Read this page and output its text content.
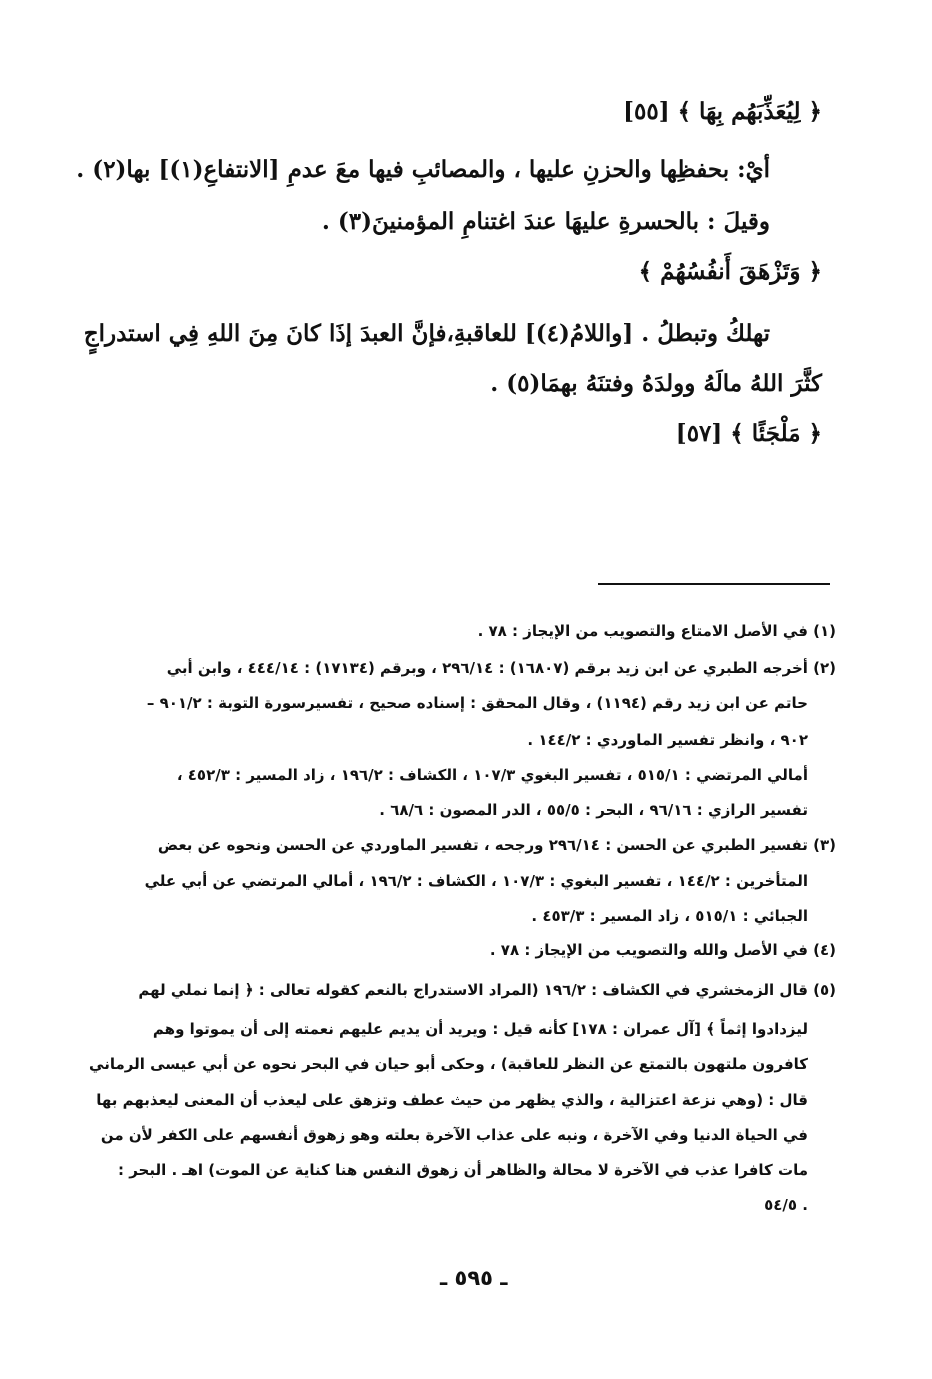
﴿ لِيُعَذِّبَهُم بِهَا ﴾ [٥٥]
أيْ: بحفظِها والحزنِ عليها ، والمصائبِ فيها معَ عدمِ [الانتفاعِ(١)] بها(٢) .
وقيلَ : بالحسرةِ عليهَا عندَ اغتنامِ المؤمنينَ(٣) .
﴿ وَتَزْهَقَ أَنفُسُهُمْ ﴾
تهلكُ وتبطلُ . [واللامُ(٤)] للعاقبةِ،فإنَّ العبدَ إذَا كانَ مِنَ اللهِ فِي استدراجٍ
كثَّرَ اللهُ مالَهُ وولدَهُ وفتنَهُ بهمَا(٥) .
﴿ مَلْجَئًا ﴾ [٥٧]
(١) في الأصل الامتاع والتصويب من الإيجاز : ٧٨ .
(٢) أخرجه الطبري عن ابن زيد برقم (١٦٨٠٧) : ٢٩٦/١٤ ، وبرقم (١٧١٣٤) : ٤٤٤/١٤ ، وابن أبي
حاتم عن ابن زيد رقم (١١٩٤) ، وقال المحقق : إسناده صحيح ، تفسيرسورة التوبة : ٩٠١/٢ –
٩٠٢ ، وانظر تفسير الماوردي : ١٤٤/٢ .
أمالي المرتضي : ٥١٥/١ ، تفسير البغوي ١٠٧/٣ ، الكشاف : ١٩٦/٢ ، زاد المسير : ٤٥٢/٣ ،
تفسير الرازي : ٩٦/١٦ ، البحر : ٥٥/٥ ، الدر المصون : ٦٨/٦ .
(٣) تفسير الطبري عن الحسن : ٢٩٦/١٤ ورجحه ، تفسير الماوردي عن الحسن ونحوه عن بعض
المتأخرين : ١٤٤/٢ ، تفسير البغوي : ١٠٧/٣ ، الكشاف : ١٩٦/٢ ، أمالي المرتضي عن أبي علي
الجبائي : ٥١٥/١ ، زاد المسير : ٤٥٣/٣ .
(٤) في الأصل والله والتصويب من الإيجاز : ٧٨ .
(٥) قال الزمخشري في الكشاف : ١٩٦/٢ (المراد الاستدراج بالنعم كقوله تعالى : ﴿ إنما نملي لهم
ليزدادوا إثماً ﴾ [آل عمران : ١٧٨] كأنه قيل : ويريد أن يديم عليهم نعمته إلى أن يموتوا وهم
كافرون ملتهون بالتمتع عن النظر للعاقبة) ، وحكى أبو حيان في البحر نحوه عن أبي عيسى الرماني
قال : (وهي نزعة اعتزالية ، والذي يظهر من حيث عطف وتزهق على ليعذب أن المعنى ليعذبهم بها
في الحياة الدنيا وفي الآخرة ، ونبه على عذاب الآخرة بعلته وهو زهوق أنفسهم على الكفر لأن من
مات كافرا عذب في الآخرة لا محالة والظاهر أن زهوق النفس هنا كناية عن الموت) اهـ . البحر :
٥٤/٥ .
ـ ٥٩٥ ـ
